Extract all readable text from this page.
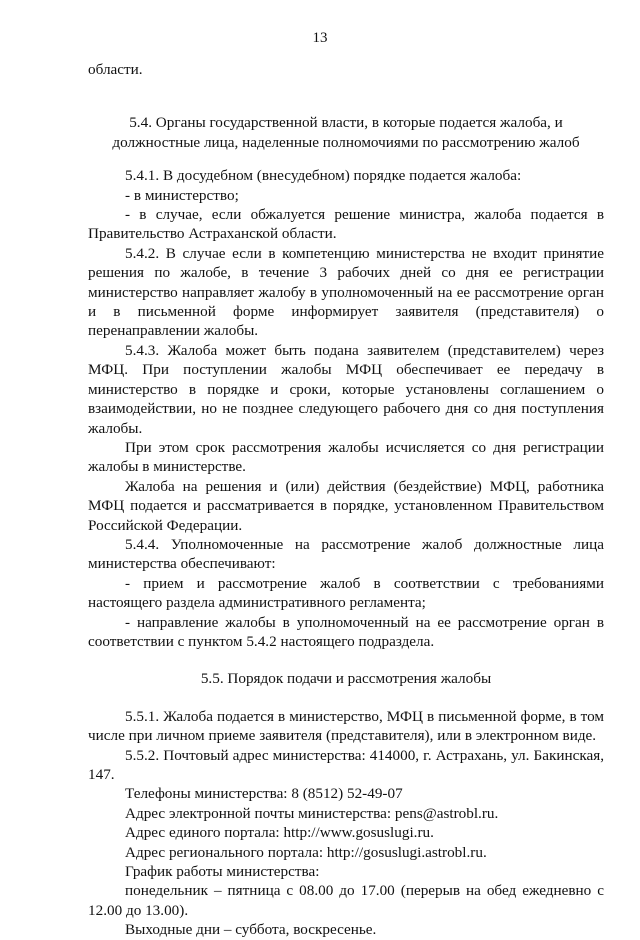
13

области.

5.4. Органы государственной власти, в которые подается жалоба, и должностные лица, наделенные полномочиями по рассмотрению жалоб

5.4.1. В досудебном (внесудебном) порядке подается жалоба:

- в министерство;

- в случае, если обжалуется решение министра, жалоба подается в Правительство Астраханской области.

5.4.2. В случае если в компетенцию министерства не входит принятие решения по жалобе, в течение 3 рабочих дней со дня ее регистрации министерство направляет жалобу в уполномоченный на ее рассмотрение орган и в письменной форме информирует заявителя (представителя) о перенаправлении жалобы.

5.4.3. Жалоба может быть подана заявителем (представителем) через МФЦ. При поступлении жалобы МФЦ обеспечивает ее передачу в министерство в порядке и сроки, которые установлены соглашением о взаимодействии, но не позднее следующего рабочего дня со дня поступления жалобы.

При этом срок рассмотрения жалобы исчисляется со дня регистрации жалобы в министерстве.

Жалоба на решения и (или) действия (бездействие) МФЦ, работника МФЦ подается и рассматривается в порядке, установленном Правительством Российской Федерации.

5.4.4. Уполномоченные на рассмотрение жалоб должностные лица министерства обеспечивают:

- прием и рассмотрение жалоб в соответствии с требованиями настоящего раздела административного регламента;

- направление жалобы в уполномоченный на ее рассмотрение орган в соответствии с пунктом 5.4.2 настоящего подраздела.

5.5. Порядок подачи и рассмотрения жалобы

5.5.1. Жалоба подается в министерство, МФЦ в письменной форме, в том числе при личном приеме заявителя (представителя), или в электронном виде.

5.5.2. Почтовый адрес министерства: 414000, г. Астрахань, ул. Бакинская, 147.

Телефоны министерства: 8 (8512) 52-49-07

Адрес электронной почты министерства: pens@astrobl.ru.

Адрес единого портала: http://www.gosuslugi.ru.

Адрес регионального портала: http://gosuslugi.astrobl.ru.

График работы министерства:

понедельник – пятница с 08.00 до 17.00 (перерыв на обед ежедневно с 12.00 до 13.00).

Выходные дни – суббота, воскресенье.
